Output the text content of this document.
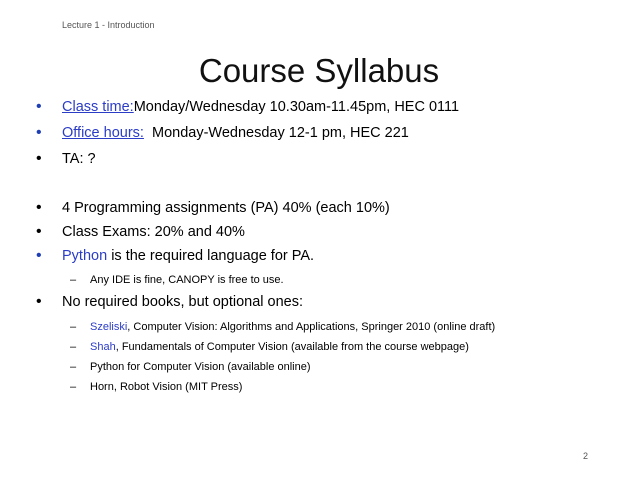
Lecture 1 - Introduction
Course Syllabus
• Class time:Monday/Wednesday 10.30am-11.45pm, HEC 0111
• Office hours: Monday-Wednesday 12-1 pm, HEC 221
• TA: ?
• 4 Programming assignments (PA) 40% (each 10%)
• Class Exams: 20% and 40%
• Python is the required language for PA.
– Any IDE is fine, CANOPY is free to use.
• No required books, but optional ones:
– Szeliski, Computer Vision: Algorithms and Applications, Springer 2010 (online draft)
– Shah, Fundamentals of Computer Vision (available from the course webpage)
– Python for Computer Vision (available online)
– Horn, Robot Vision (MIT Press)
2
